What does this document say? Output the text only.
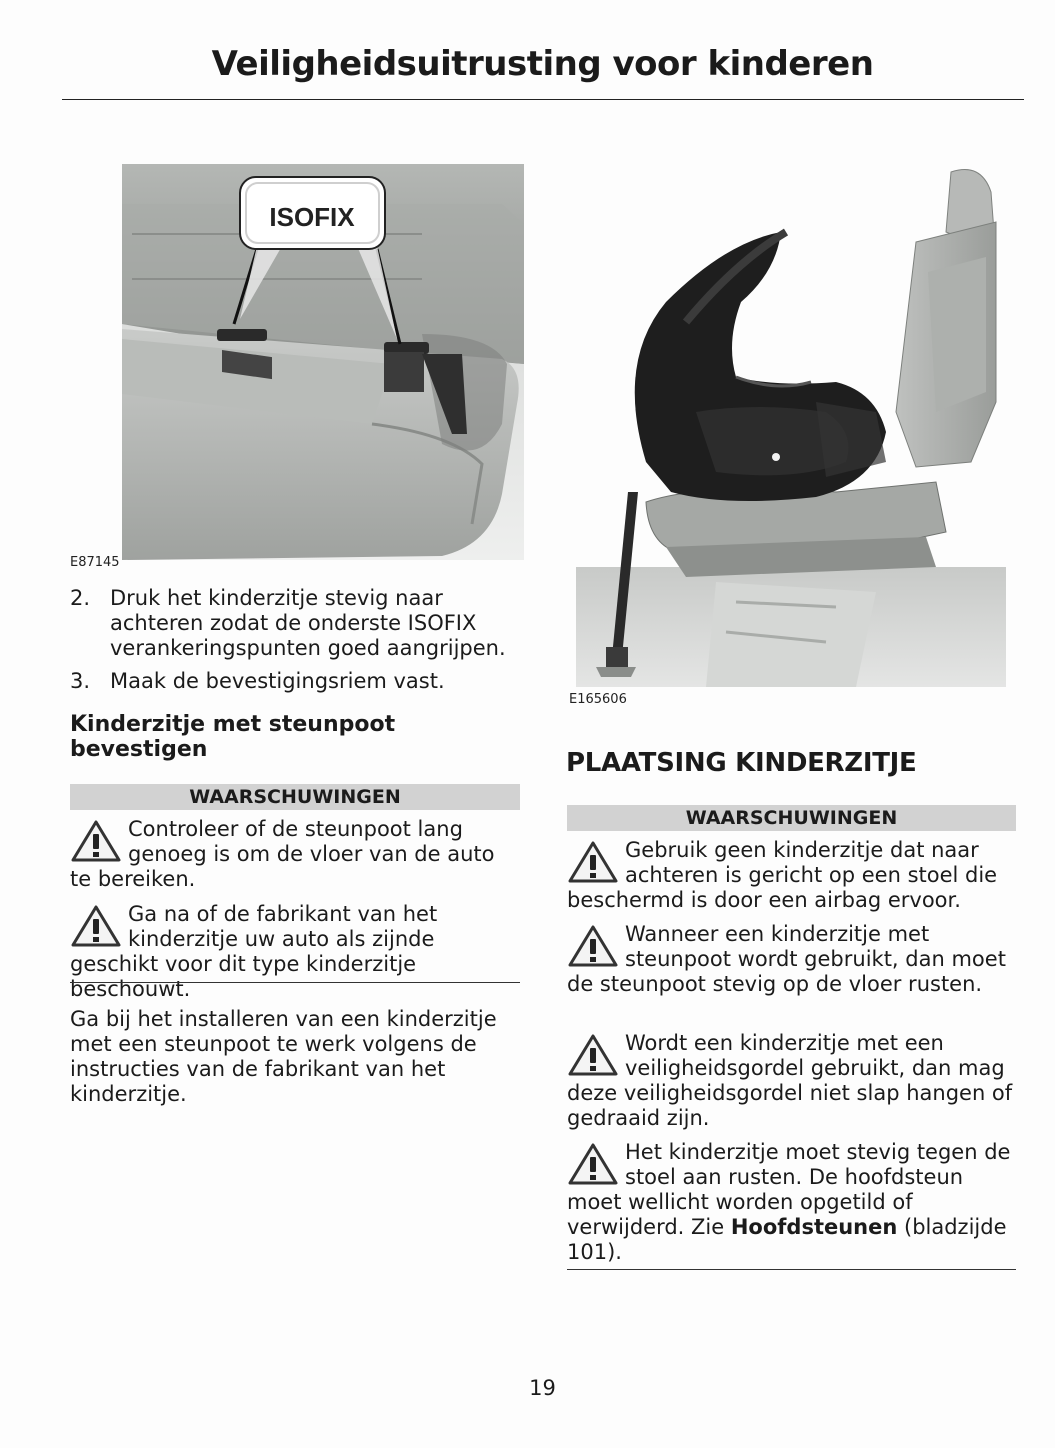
Veiligheidsuitrusting voor kinderen
ISOFIX
E87145
E165606
2. Druk het kinderzitje stevig naar achteren zodat de onderste ISOFIX verankeringspunten goed aangrijpen.
3. Maak de bevestigingsriem vast.
Kinderzitje met steunpoot bevestigen
WAARSCHUWINGEN
Controleer of de steunpoot lang genoeg is om de vloer van de auto te bereiken.
Ga na of de fabrikant van het kinderzitje uw auto als zijnde geschikt voor dit type kinderzitje beschouwt.
Ga bij het installeren van een kinderzitje met een steunpoot te werk volgens de instructies van de fabrikant van het kinderzitje.
PLAATSING KINDERZITJE
WAARSCHUWINGEN
Gebruik geen kinderzitje dat naar achteren is gericht op een stoel die beschermd is door een airbag ervoor.
Wanneer een kinderzitje met steunpoot wordt gebruikt, dan moet de steunpoot stevig op de vloer rusten.
Wordt een kinderzitje met een veiligheidsgordel gebruikt, dan mag deze veiligheidsgordel niet slap hangen of gedraaid zijn.
Het kinderzitje moet stevig tegen de stoel aan rusten. De hoofdsteun moet wellicht worden opgetild of verwijderd. Zie Hoofdsteunen (bladzijde 101).
19
